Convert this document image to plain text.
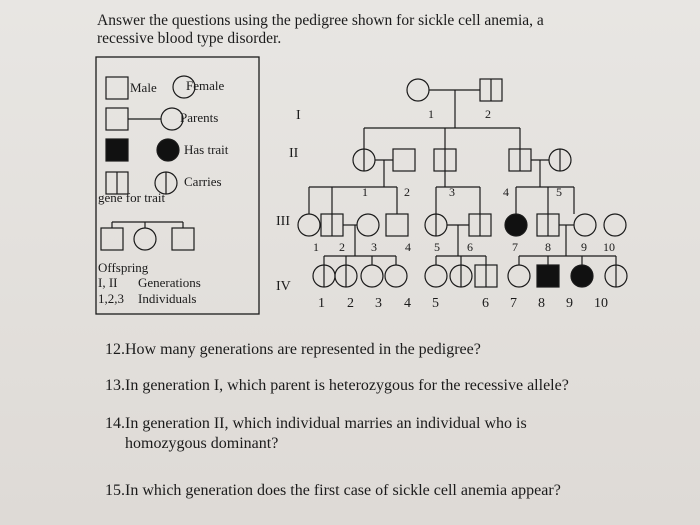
Answer the questions using the pedigree shown for sickle cell anemia, a
recessive blood type disorder.
Male Female
Parents
Has trait
Carries
gene for trait
Offspring
I, II Generations
1,2,3 Individuals
I
II
III
IV
1	2
1	2	3	4	5
1 2 3 4 5 6	7 8	9 10
1 2 3 4 5	6 7 8 9 10
12.How many generations are represented in the pedigree?
13.In generation I, which parent is heterozygous for the recessive allele?
14.In generation II, which individual marries an individual who is
homozygous dominant?
15.In which generation does the first case of sickle cell anemia appear?
